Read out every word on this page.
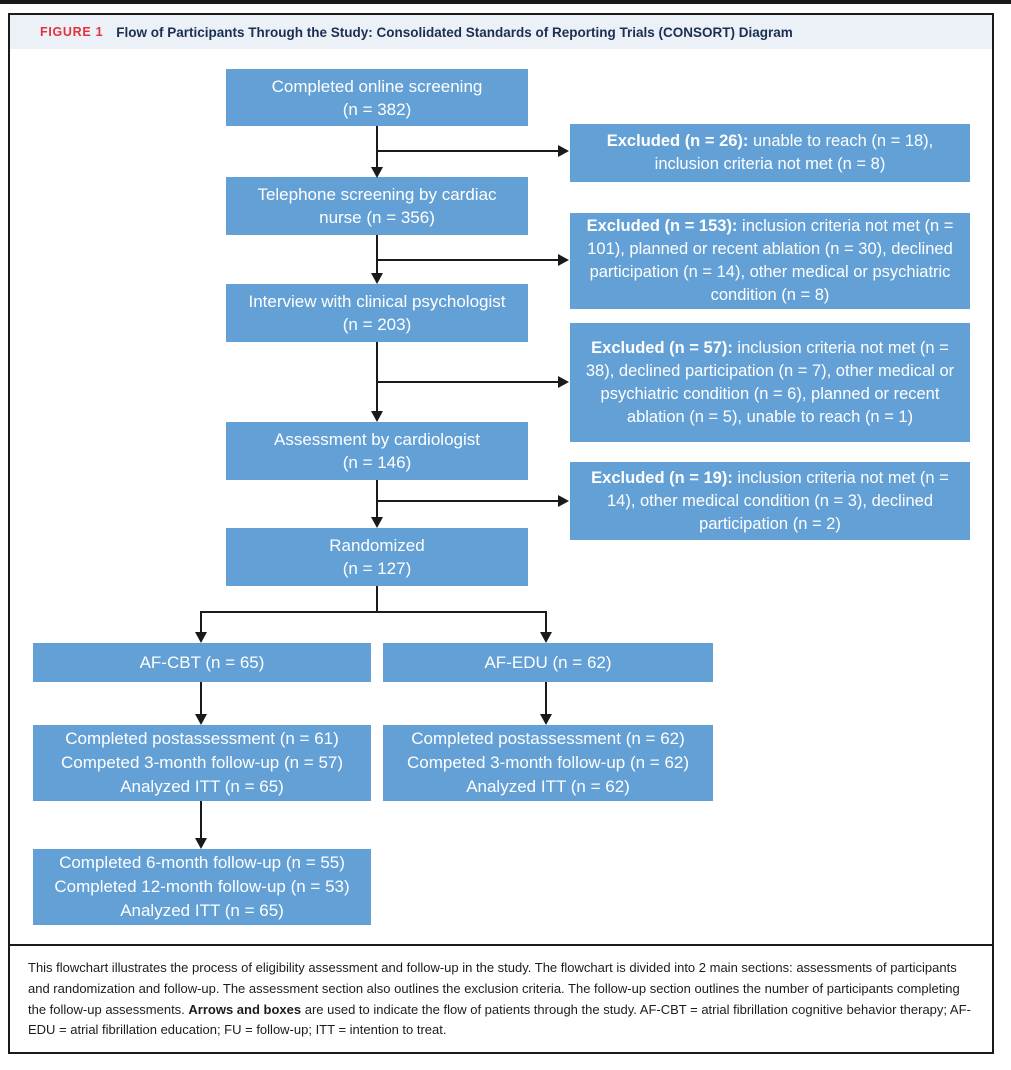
FIGURE 1 Flow of Participants Through the Study: Consolidated Standards of Reporting Trials (CONSORT) Diagram
This flowchart illustrates the process of eligibility assessment and follow-up in the study. The flowchart is divided into 2 main sections: assessments of participants and randomization and follow-up. The assessment section also outlines the exclusion criteria. The follow-up section outlines the number of participants completing the follow-up assessments. Arrows and boxes are used to indicate the flow of patients through the study. AF-CBT = atrial fibrillation cognitive behavior therapy; AF-EDU = atrial fibrillation education; FU = follow-up; ITT = intention to treat.
Completed online screening
(n = 382)
Telephone screening by cardiac
nurse (n = 356)
Interview with clinical psychologist
(n = 203)
Assessment by cardiologist
(n = 146)
Randomized
(n = 127)

Excluded (n = 26): unable to reach (n = 18), inclusion criteria not met (n = 8)

Excluded (n = 153): inclusion criteria not met (n = 101), planned or recent ablation (n = 30), declined participation (n = 14), other medical or psychiatric condition (n = 8)

Excluded (n = 57): inclusion criteria not met (n = 38), declined participation (n = 7), other medical or psychiatric condition (n = 6), planned or recent ablation (n = 5), unable to reach (n = 1)

Excluded (n = 19): inclusion criteria not met (n = 14), other medical condition (n = 3), declined participation (n = 2)

AF-CBT (n = 65)	AF-EDU (n = 62)
Completed postassessment (n = 61)
Competed 3-month follow-up (n = 57)
Analyzed ITT (n = 65)
Completed postassessment (n = 62)
Competed 3-month follow-up (n = 62)
Analyzed ITT (n = 62)
Completed 6-month follow-up (n = 55)
Completed 12-month follow-up (n = 53)
Analyzed ITT (n = 65)
